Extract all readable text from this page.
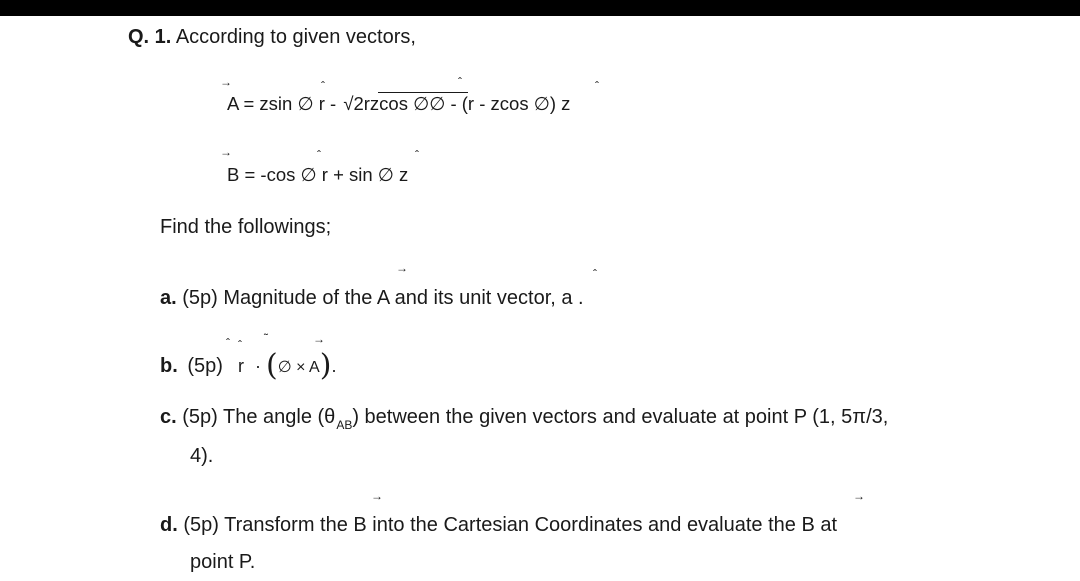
Q. 1. According to given vectors,
A = zsin ∅ r - √2rzcos ∅∅ - (r - zcos ∅) z
→	ˆ	ˆ	ˆ
B = -cos ∅ r + sin ∅ z
→	ˆ	ˆ
Find the followings;
a. (5p) Magnitude of the A and its unit vector, a .
→	ˆ
b. (5p) r · (∅ × A).
ˆ ˆ ˜	→
c. (5p) The angle $(\theta_{AB})$ between the given vectors and evaluate at point P (1, 5π/3,
4).
d. (5p) Transform the B into the Cartesian Coordinates and evaluate the B at
point P.
→	→
